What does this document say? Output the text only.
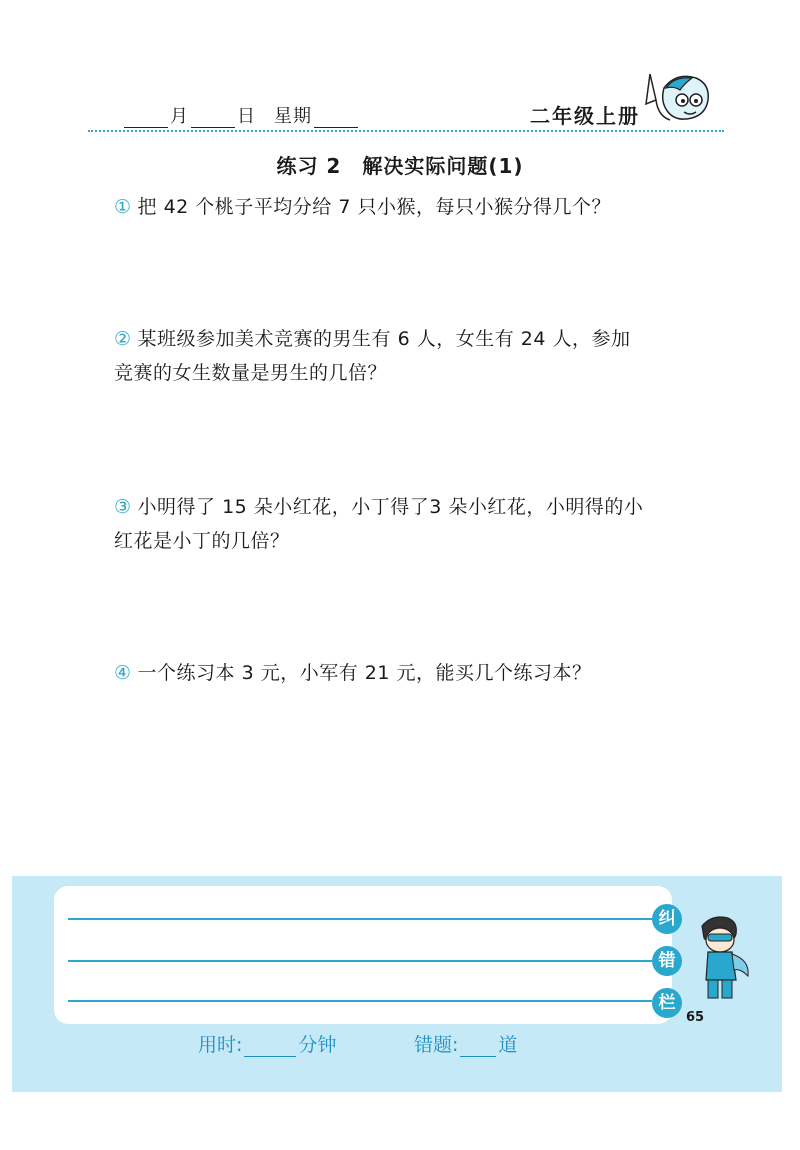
月	日 星期	二年级上册
练习 2　解决实际问题(1)
① 把 42 个桃子平均分给 7 只小猴，每只小猴分得几个？
② 某班级参加美术竞赛的男生有 6 人，女生有 24 人，参加
竞赛的女生数量是男生的几倍？
③ 小明得了 15 朵小红花，小丁得了3 朵小红花，小明得的小
红花是小丁的几倍？
④ 一个练习本 3 元，小军有 21 元，能买几个练习本？
纠
错
栏
65
用时:	分钟	错题: 道
